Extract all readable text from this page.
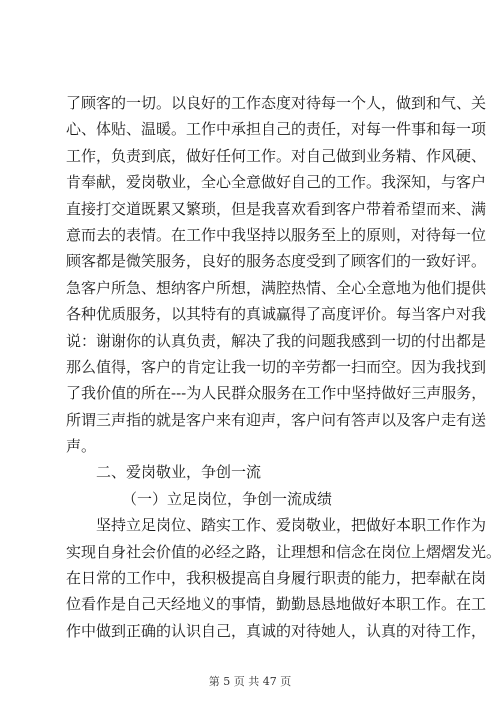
了顾客的一切。以良好的工作态度对待每一个人，做到和气、关
心、体贴、温暖。工作中承担自己的责任，对每一件事和每一项
工作，负责到底，做好任何工作。对自己做到业务精、作风硬、
肯奉献，爱岗敬业，全心全意做好自己的工作。我深知，与客户
直接打交道既累又繁琐，但是我喜欢看到客户带着希望而来、满
意而去的表情。在工作中我坚持以服务至上的原则，对待每一位
顾客都是微笑服务，良好的服务态度受到了顾客们的一致好评。
急客户所急、想纳客户所想，满腔热情、全心全意地为他们提供
各种优质服务，以其特有的真诚赢得了高度评价。每当客户对我
说：谢谢你的认真负责，解决了我的问题我感到一切的付出都是
那么值得，客户的肯定让我一切的辛劳都一扫而空。因为我找到
了我价值的所在---为人民群众服务在工作中坚持做好三声服务，
所谓三声指的就是客户来有迎声，客户问有答声以及客户走有送
声。
二、爱岗敬业，争创一流
（一）立足岗位，争创一流成绩
坚持立足岗位、踏实工作、爱岗敬业，把做好本职工作作为
实现自身社会价值的必经之路，让理想和信念在岗位上熠熠发光。
在日常的工作中，我积极提高自身履行职责的能力，把奉献在岗
位看作是自己天经地义的事情，勤勤恳恳地做好本职工作。在工
作中做到正确的认识自己，真诚的对待她人，认真的对待工作，
第 5 页 共 47 页
